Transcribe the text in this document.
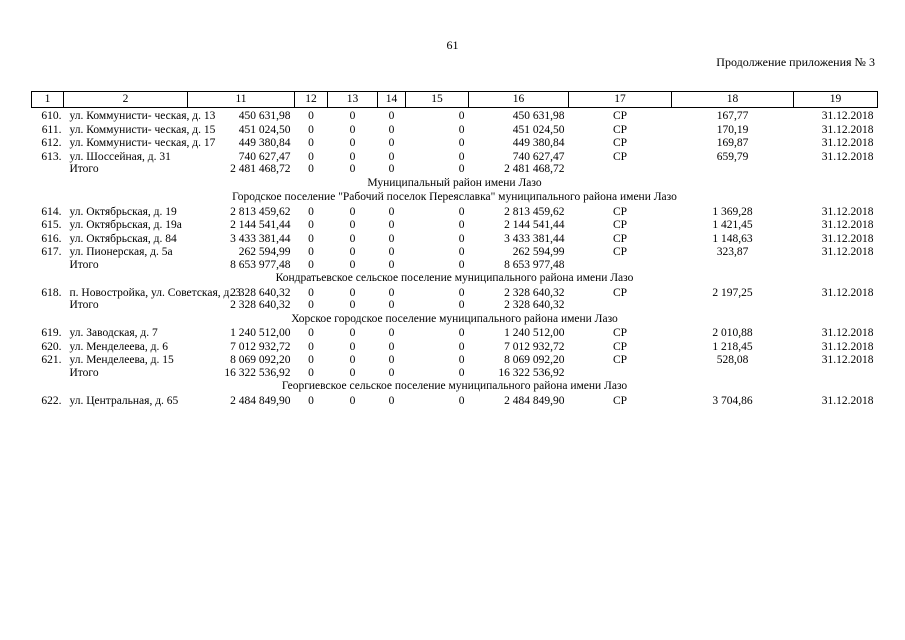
61
Продолжение приложения № 3
1	2	11	12	13	14	15	16	17	18	19
610.	ул. Коммунисти- ческая, д. 13	450 631,98	0	0	0	0	450 631,98	СР	167,77	31.12.2018
611.	ул. Коммунисти- ческая, д. 15	451 024,50	0	0	0	0	451 024,50	СР	170,19	31.12.2018
612.	ул. Коммунисти- ческая, д. 17	449 380,84	0	0	0	0	449 380,84	СР	169,87	31.12.2018
613.	ул. Шоссейная, д. 31	740 627,47	0	0	0	0	740 627,47	СР	659,79	31.12.2018
	Итого	2 481 468,72	0	0	0	0	2 481 468,72			
Муниципальный район имени Лазо										
Городское поселение "Рабочий поселок Переяславка" муниципального района имени Лазо										
614.	ул. Октябрьская, д. 19	2 813 459,62	0	0	0	0	2 813 459,62	СР	1 369,28	31.12.2018
615.	ул. Октябрьская, д. 19а	2 144 541,44	0	0	0	0	2 144 541,44	СР	1 421,45	31.12.2018
616.	ул. Октябрьская, д. 84	3 433 381,44	0	0	0	0	3 433 381,44	СР	1 148,63	31.12.2018
617.	ул. Пионерская, д. 5а	262 594,99	0	0	0	0	262 594,99	СР	323,87	31.12.2018
	Итого	8 653 977,48	0	0	0	0	8 653 977,48			
Кондратьевское сельское поселение муниципального района имени Лазо										
618.	п. Новостройка, ул. Советская, д. 3	2 328 640,32	0	0	0	0	2 328 640,32	СР	2 197,25	31.12.2018
	Итого	2 328 640,32	0	0	0	0	2 328 640,32			
Хорское городское поселение муниципального района имени Лазо										
619.	ул. Заводская, д. 7	1 240 512,00	0	0	0	0	1 240 512,00	СР	2 010,88	31.12.2018
620.	ул. Менделеева, д. 6	7 012 932,72	0	0	0	0	7 012 932,72	СР	1 218,45	31.12.2018
621.	ул. Менделеева, д. 15	8 069 092,20	0	0	0	0	8 069 092,20	СР	528,08	31.12.2018
	Итого	16 322 536,92	0	0	0	0	16 322 536,92			
Георгиевское сельское поселение муниципального района имени Лазо										
622.	ул. Центральная, д. 65	2 484 849,90	0	0	0	0	2 484 849,90	СР	3 704,86	31.12.2018
